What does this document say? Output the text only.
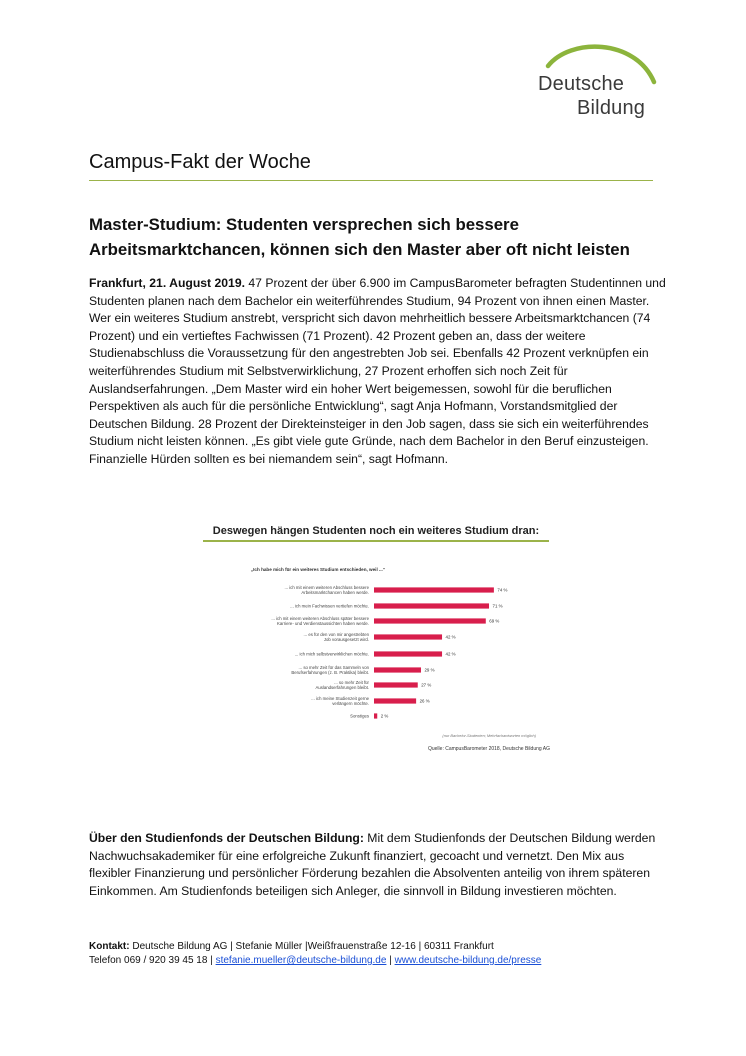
Deutsche
Bildung
Campus-Fakt der Woche
Master-Studium: Studenten versprechen sich bessere Arbeitsmarktchancen, können sich den Master aber oft nicht leisten
Frankfurt, 21. August 2019. 47 Prozent der über 6.900 im CampusBarometer befragten Studentinnen und Studenten planen nach dem Bachelor ein weiterführendes Studium, 94 Prozent von ihnen einen Master. Wer ein weiteres Studium anstrebt, verspricht sich davon mehrheitlich bessere Arbeitsmarktchancen (74 Prozent) und ein vertieftes Fachwissen (71 Prozent). 42 Prozent geben an, dass der weitere Studienabschluss die Voraussetzung für den angestrebten Job sei. Ebenfalls 42 Prozent verknüpfen ein weiterführendes Studium mit Selbstverwirklichung, 27 Prozent erhoffen sich noch Zeit für Auslandserfahrungen. „Dem Master wird ein hoher Wert beigemessen, sowohl für die beruflichen Perspektiven als auch für die persönliche Entwicklung“, sagt Anja Hofmann, Vorstandsmitglied der Deutschen Bildung. 28 Prozent der Direkteinsteiger in den Job sagen, dass sie sich ein weiterführendes Studium nicht leisten können. „Es gibt viele gute Gründe, nach dem Bachelor in den Beruf einzusteigen. Finanzielle Hürden sollten es bei niemandem sein“, sagt Hofmann.
Deswegen hängen Studenten noch ein weiteres Studium dran:
„Ich habe mich für ein weiteres Studium entschieden, weil ...“
74 %
... ich mit einem weiteren Abschluss bessere Arbeitsmarktchancen haben werde.
71 %
... ich mein Fachwissen vertiefen möchte.
69 %
... ich mit einem weiteren Abschluss später bessere Karriere- und Verdienstaussichten haben werde.
42 %
... es für den von mir angestrebten Job vorausgesetzt wird.
42 %
... ich mich selbstverwirklichen möchte.
29 %
... so mehr Zeit für das Sammeln von Berufserfahrungen (z. B. Praktika) bleibt.
27 %
... so mehr Zeit für Auslandserfahrungen bleibt.
26 %
... ich meine Studienzeit gerne verlängern möchte.
2 %
Sonstiges
(nur Bachelor-Studenten; Mehrfachantworten möglich)
Quelle: CampusBarometer 2018, Deutsche Bildung AG
Über den Studienfonds der Deutschen Bildung: Mit dem Studienfonds der Deutschen Bildung werden Nachwuchsakademiker für eine erfolgreiche Zukunft finanziert, gecoacht und vernetzt. Den Mix aus flexibler Finanzierung und persönlicher Förderung bezahlen die Absolventen anteilig von ihrem späteren Einkommen. Am Studienfonds beteiligen sich Anleger, die sinnvoll in Bildung investieren möchten.
Kontakt: Deutsche Bildung AG | Stefanie Müller |Weißfrauenstraße 12-16 | 60311 Frankfurt
Telefon 069 / 920 39 45 18 | stefanie.mueller@deutsche-bildung.de | www.deutsche-bildung.de/presse
